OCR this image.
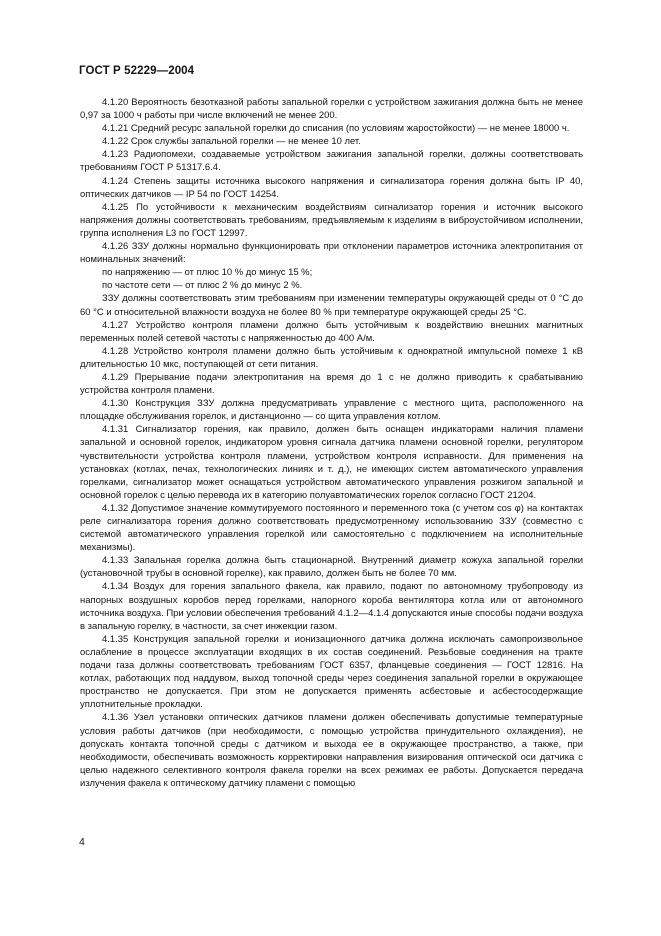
ГОСТ Р 52229—2004

4.1.20 Вероятность безотказной работы запальной горелки с устройством зажигания должна быть не менее 0,97 за 1000 ч работы при числе включений не менее 200.

4.1.21 Средний ресурс запальной горелки до списания (по условиям жаростойкости) — не менее 18000 ч.

4.1.22 Срок службы запальной горелки — не менее 10 лет.

4.1.23 Радиопомехи, создаваемые устройством зажигания запальной горелки, должны соответствовать требованиям ГОСТ Р 51317.6.4.

4.1.24 Степень защиты источника высокого напряжения и сигнализатора горения должна быть IP 40, оптических датчиков — IP 54 по ГОСТ 14254.

4.1.25 По устойчивости к механическим воздействиям сигнализатор горения и источник высокого напряжения должны соответствовать требованиям, предъявляемым к изделиям в виброустойчивом исполнении, группа исполнения L3 по ГОСТ 12997.

4.1.26 ЗЗУ должны нормально функционировать при отклонении параметров источника электропитания от номинальных значений:

по напряжению — от плюс 10 % до минус 15 %;

по частоте сети — от плюс 2 % до минус 2 %.

ЗЗУ должны соответствовать этим требованиям при изменении температуры окружающей среды от 0 °С до 60 °С и относительной влажности воздуха не более 80 % при температуре окружающей среды 25 °С.

4.1.27 Устройство контроля пламени должно быть устойчивым к воздействию внешних магнитных переменных полей сетевой частоты с напряженностью до 400 А/м.

4.1.28 Устройство контроля пламени должно быть устойчивым к однократной импульсной помехе 1 кВ длительностью 10 мкс, поступающей от сети питания.

4.1.29 Прерывание подачи электропитания на время до 1 с не должно приводить к срабатыванию устройства контроля пламени.

4.1.30 Конструкция ЗЗУ должна предусматривать управление с местного щита, расположенного на площадке обслуживания горелок, и дистанционно — со щита управления котлом.

4.1.31 Сигнализатор горения, как правило, должен быть оснащен индикаторами наличия пламени запальной и основной горелок, индикатором уровня сигнала датчика пламени основной горелки, регулятором чувствительности устройства контроля пламени, устройством контроля исправности. Для применения на установках (котлах, печах, технологических линиях и т. д.), не имеющих систем автоматического управления горелками, сигнализатор может оснащаться устройством автоматического управления розжигом запальной и основной горелок с целью перевода их в категорию полуавтоматических горелок согласно ГОСТ 21204.

4.1.32 Допустимое значение коммутируемого постоянного и переменного тока (с учетом cos φ) на контактах реле сигнализатора горения должно соответствовать предусмотренному использованию ЗЗУ (совместно с системой автоматического управления горелкой или самостоятельно с подключением на исполнительные механизмы).

4.1.33 Запальная горелка должна быть стационарной. Внутренний диаметр кожуха запальной горелки (установочной трубы в основной горелке), как правило, должен быть не более 70 мм.

4.1.34 Воздух для горения запального факела, как правило, подают по автономному трубопроводу из напорных воздушных коробов перед горелками, напорного короба вентилятора котла или от автономного источника воздуха. При условии обеспечения требований 4.1.2—4.1.4 допускаются иные способы подачи воздуха в запальную горелку, в частности, за счет инжекции газом.

4.1.35 Конструкция запальной горелки и ионизационного датчика должна исключать самопроизвольное ослабление в процессе эксплуатации входящих в их состав соединений. Резьбовые соединения на тракте подачи газа должны соответствовать требованиям ГОСТ 6357, фланцевые соединения — ГОСТ 12816. На котлах, работающих под наддувом, выход топочной среды через соединения запальной горелки в окружающее пространство не допускается. При этом не допускается применять асбестовые и асбестосодержащие уплотнительные прокладки.

4.1.36 Узел установки оптических датчиков пламени должен обеспечивать допустимые температурные условия работы датчиков (при необходимости, с помощью устройства принудительного охлаждения), не допускать контакта топочной среды с датчиком и выхода ее в окружающее пространство, а также, при необходимости, обеспечивать возможность корректировки направления визирования оптической оси датчика с целью надежного селективного контроля факела горелки на всех режимах ее работы. Допускается передача излучения факела к оптическому датчику пламени с помощью

4
